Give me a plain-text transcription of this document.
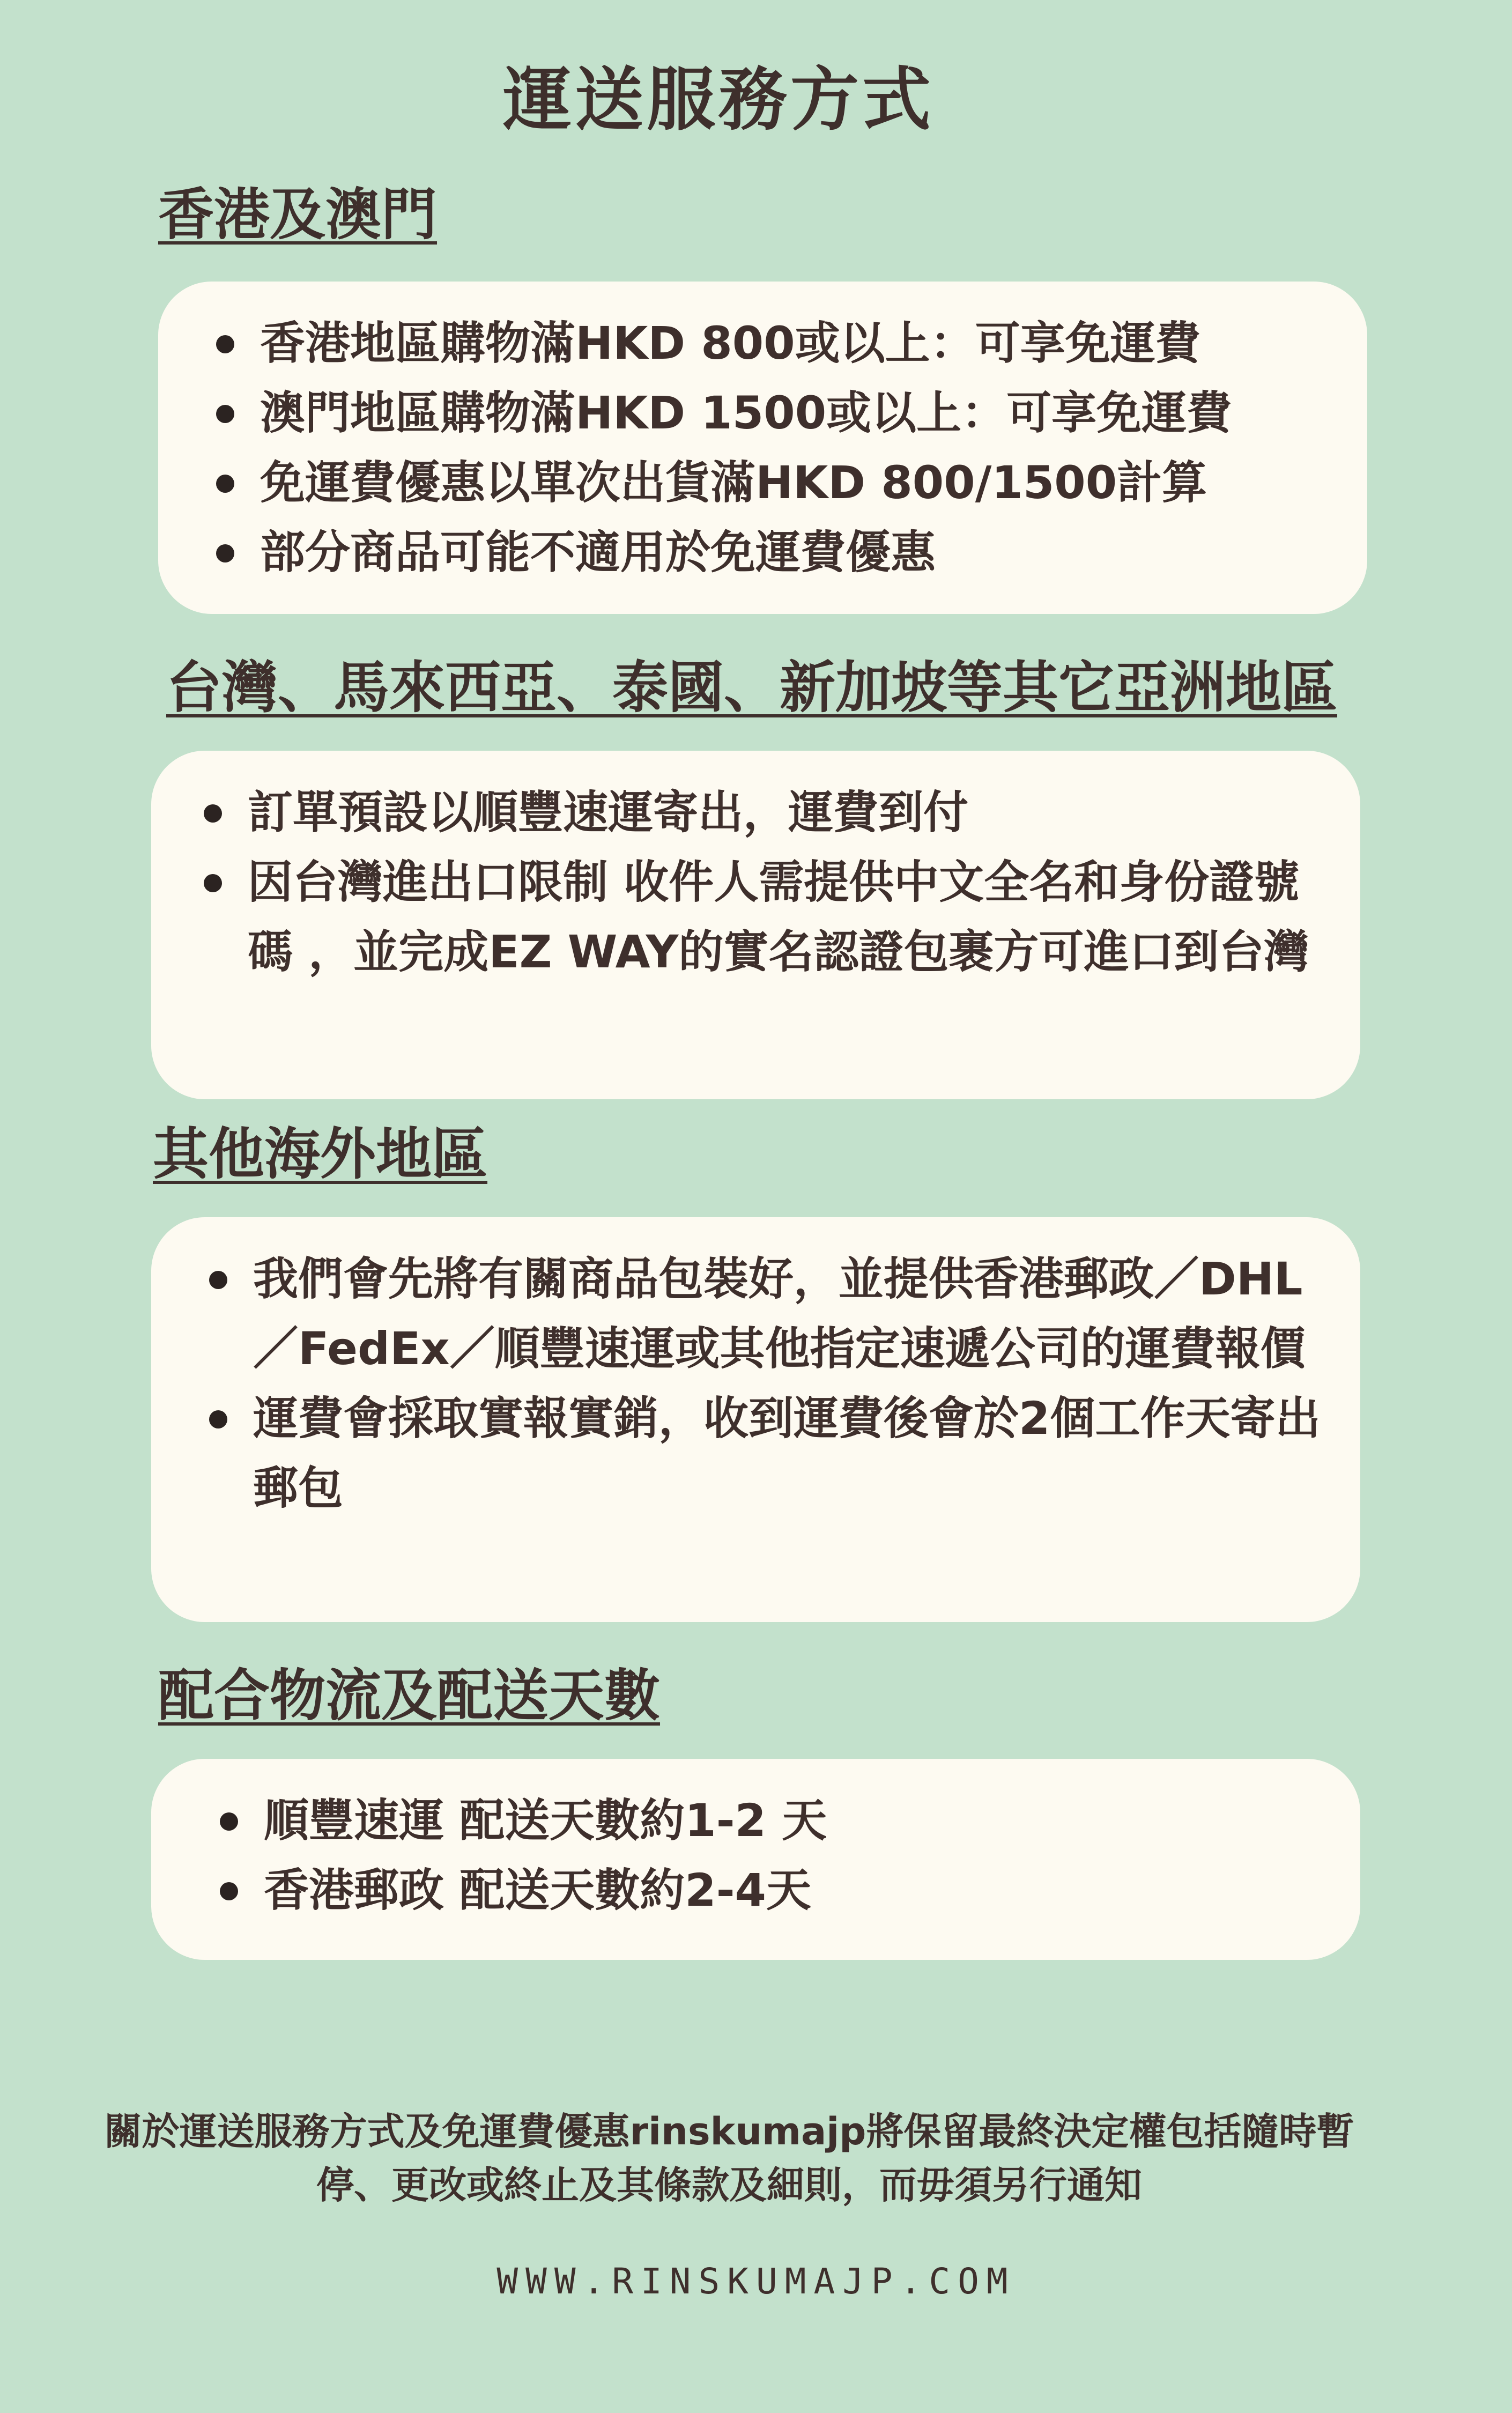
運送服務方式
香港及澳門
香港地區購物滿HKD 800或以上：可享免運費
澳門地區購物滿HKD 1500或以上：可享免運費
免運費優惠以單次出貨滿HKD 800/1500計算
部分商品可能不適用於免運費優惠
台灣、馬來西亞、泰國、新加坡等其它亞洲地區
訂單預設以順豐速運寄出，運費到付
因台灣進出口限制 收件人需提供中文全名和身份證號碼 ，並完成EZ WAY的實名認證包裹方可進口到台灣
其他海外地區
我們會先將有關商品包裝好，並提供香港郵政／DHL／FedEx／順豐速運或其他指定速遞公司的運費報價
運費會採取實報實銷，收到運費後會於2個工作天寄出郵包
配合物流及配送天數
順豐速運 配送天數約1-2 天
香港郵政 配送天數約2-4天
關於運送服務方式及免運費優惠rinskumajp將保留最終決定權包括隨時暫停、更改或終止及其條款及細則，而毋須另行通知
WWW.RINSKUMAJP.COM
